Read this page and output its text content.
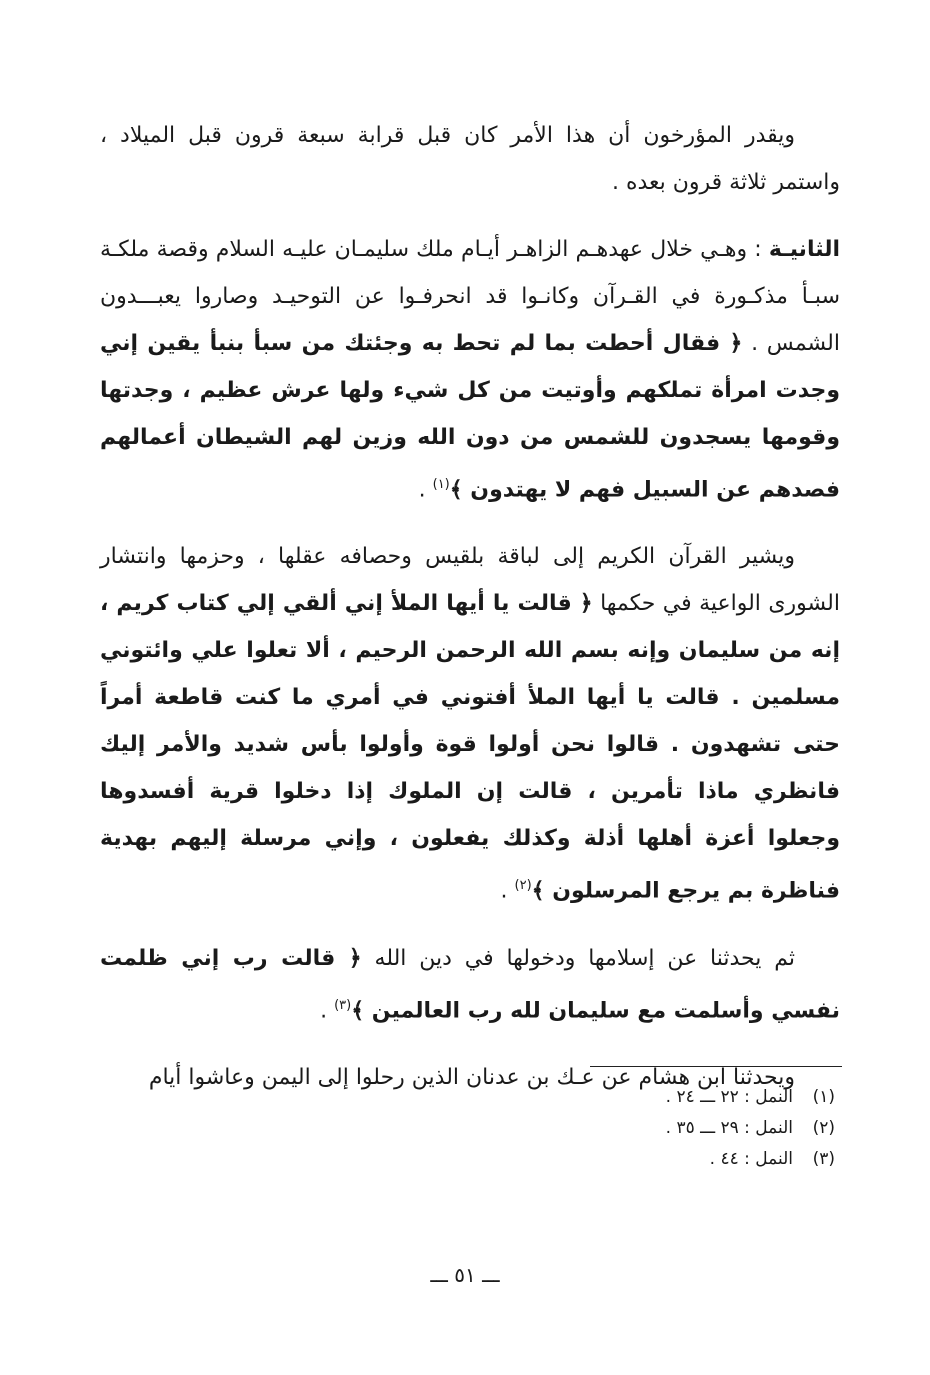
ويقدر المؤرخون أن هذا الأمر كان قبل قرابة سبعة قرون قبل الميلاد ، واستمر ثلاثة قرون بعده .

الثانيـة : وهـي خلال عهدهـم الزاهـر أيـام ملك سليمـان عليـه السلام وقصة ملكـة سبـأ مذكـورة في القـرآن وكانـوا قد انحرفـوا عن التوحيـد وصاروا يعبـــدون الشمس . ﴿ فقال أحطت بما لم تحط به وجئتك من سبأ بنبأ يقين إني وجدت امرأة تملكهم وأوتيت من كل شيء ولها عرش عظيم ، وجدتها وقومها يسجدون للشمس من دون الله وزين لهم الشيطان أعمالهم فصدهم عن السبيل فهم لا يهتدون ﴾$^{(١)}$ .

ويشير القرآن الكريم إلى لباقة بلقيس وحصافه عقلها ، وحزمها وانتشار الشورى الواعية في حكمها ﴿ قالت يا أيها الملأ إني ألقي إلي كتاب كريم ، إنه من سليمان وإنه بسم الله الرحمن الرحيم ، ألا تعلوا علي وائتوني مسلمين . قالت يا أيها الملأ أفتوني في أمري ما كنت قاطعة أمراً حتى تشهدون . قالوا نحن أولوا قوة وأولوا بأس شديد والأمر إليك فانظري ماذا تأمرين ، قالت إن الملوك إذا دخلوا قرية أفسدوها وجعلوا أعزة أهلها أذلة وكذلك يفعلون ، وإني مرسلة إليهم بهدية فناظرة بم يرجع المرسلون ﴾$^{(٢)}$ .

ثم يحدثنا عن إسلامها ودخولها في دين الله ﴿ قالت رب إني ظلمت نفسي وأسلمت مع سليمان لله رب العالمين ﴾$^{(٣)}$ .

ويحدثنا ابن هشام عن عـك بن عدنان الذين رحلوا إلى اليمن وعاشوا أيام

(١)النمل : ٢٢ ـــ ٢٤ .
(٢)النمل : ٢٩ ـــ ٣٥ .
(٣)النمل : ٤٤ .
ـــ ٥١ ـــ
